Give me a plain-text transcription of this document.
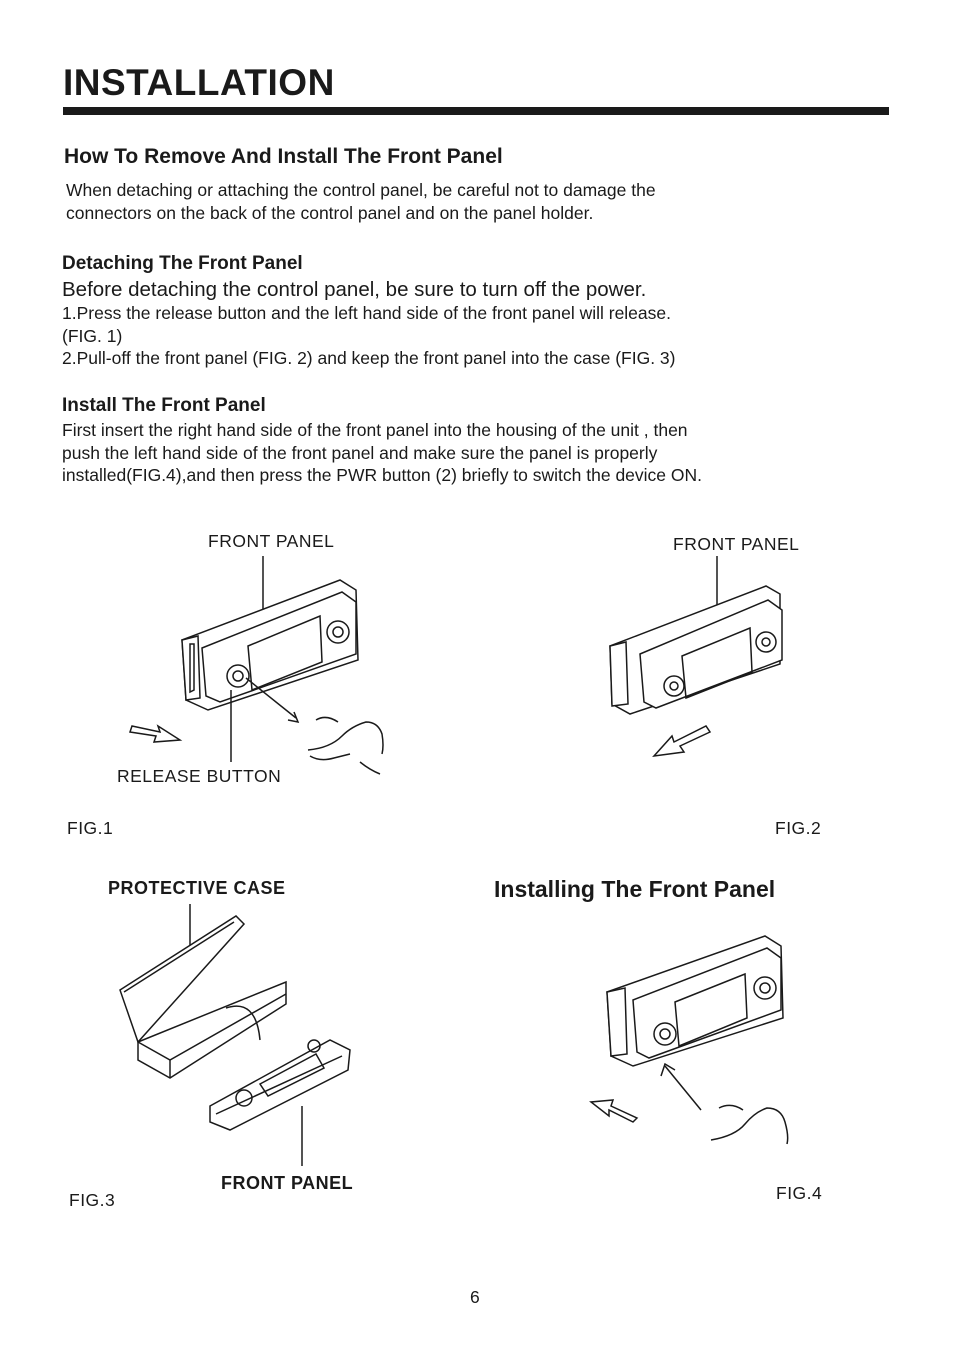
INSTALLATION
How To Remove And Install The Front Panel
When detaching or attaching the control panel, be careful not to damage the
connectors on the back of the control panel and on the panel holder.
Detaching The Front Panel
Before detaching the control panel, be sure to turn off the power.
1.Press the release button and the left hand side of the front panel will release.
(FIG. 1)
2.Pull-off the front panel (FIG. 2) and keep the front panel into the case (FIG. 3)
Install The Front Panel
First insert the right hand side of the front panel into the housing of the unit , then
push the left hand side of the front panel and make sure the panel is properly
installed(FIG.4),and then press the PWR button (2) briefly to switch the device ON.
FRONT PANEL
RELEASE BUTTON
FIG.1
FRONT PANEL
FIG.2
PROTECTIVE CASE
FRONT PANEL
FIG.3
Installing The Front Panel
FIG.4
6
